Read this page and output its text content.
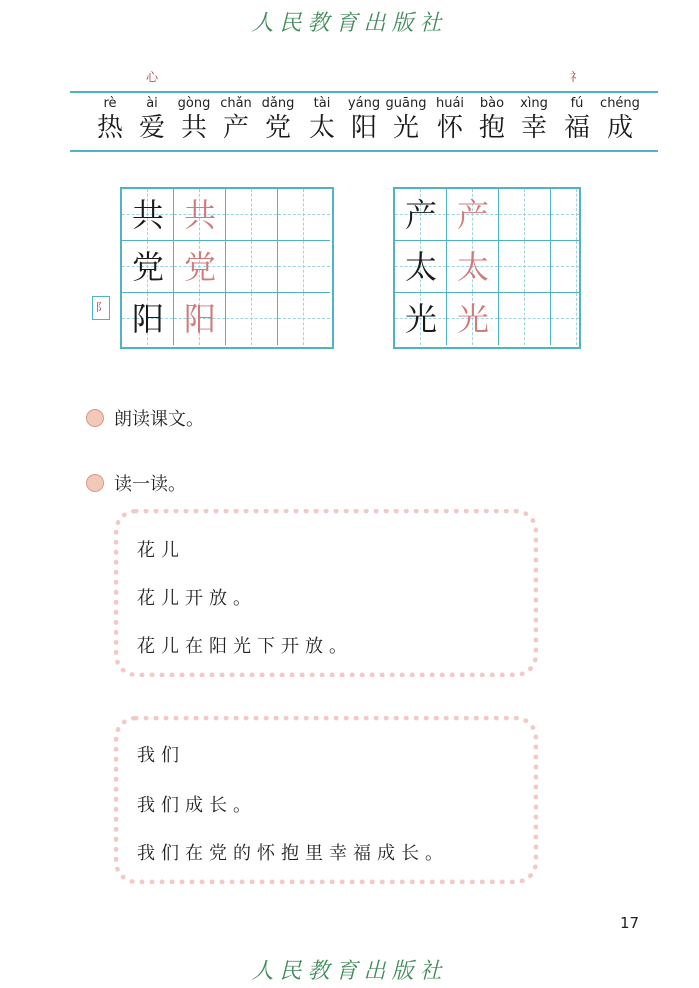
人民教育出版社
心	礻
rè
热
ài
爱
gòng
共
chǎn
产
dǎng
党
tài
太
yáng
阳
guāng
光
huái
怀
bào
抱
xìng
幸
fú
福
chéng
成
共 共
党 党
阳 阳
阝
产 产
太 太
光 光
朗读课文。
读一读。
花儿
花儿开放。
花儿在阳光下开放。
我们
我们成长。
我们在党的怀抱里幸福成长。
17
人民教育出版社
